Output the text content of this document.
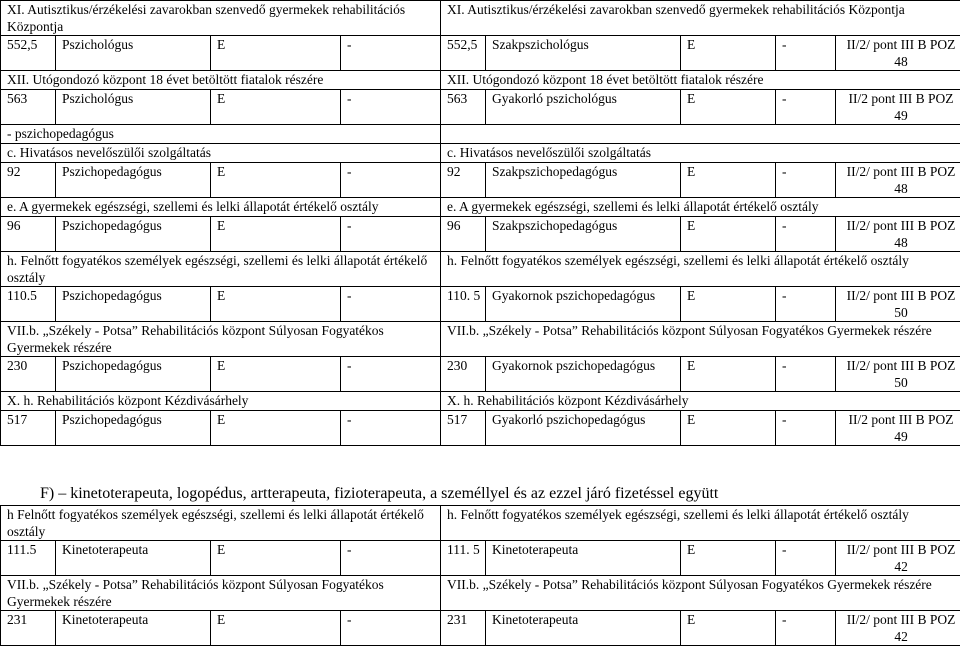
XI. Autisztikus/érzékelési zavarokban szenvedő gyermekek rehabilitációs Központja				XI. Autisztikus/érzékelési zavarokban szenvedő gyermekek rehabilitációs Központja				
552,5	Pszichológus	E	-	552,5	Szakpszichológus	E	-	II/2/ pont III B POZ 48
XII. Utógondozó központ 18 évet betöltött fiatalok részére				XII. Utógondozó központ 18 évet betöltött fiatalok részére				
563	Pszichológus	E	-	563	Gyakorló pszichológus	E	-	II/2 pont III B POZ 49
- pszichopedagógus								
c. Hivatásos nevelőszülői szolgáltatás				c. Hivatásos nevelőszülői szolgáltatás				
92	Pszichopedagógus	E	-	92	Szakpszichopedagógus	E	-	II/2/ pont III B POZ 48
e. A gyermekek egészségi, szellemi és lelki állapotát értékelő osztály				e. A gyermekek egészségi, szellemi és lelki állapotát értékelő osztály				
96	Pszichopedagógus	E	-	96	Szakpszichopedagógus	E	-	II/2/ pont III B POZ 48
h. Felnőtt fogyatékos személyek egészségi, szellemi és lelki állapotát értékelő osztály				h. Felnőtt fogyatékos személyek egészségi, szellemi és lelki állapotát értékelő osztály				
110.5	Pszichopedagógus	E	-	110. 5	Gyakornok pszichopedagógus	E	-	II/2/ pont III B POZ 50
VII.b. „Székely - Potsa” Rehabilitációs központ Súlyosan Fogyatékos Gyermekek részére				VII.b. „Székely - Potsa” Rehabilitációs központ Súlyosan Fogyatékos Gyermekek részére				
230	Pszichopedagógus	E	-	230	Gyakornok pszichopedagógus	E	-	II/2/ pont III B POZ 50
X. h. Rehabilitációs központ Kézdivásárhely				X. h. Rehabilitációs központ Kézdivásárhely				
517	Pszichopedagógus	E	-	517	Gyakorló pszichopedagógus	E	-	II/2 pont III B POZ 49
F) – kinetoterapeuta, logopédus, artterapeuta, fizioterapeuta, a személlyel és az ezzel járó fizetéssel együtt
h Felnőtt fogyatékos személyek egészségi, szellemi és lelki állapotát értékelő osztály				h. Felnőtt fogyatékos személyek egészségi, szellemi és lelki állapotát értékelő osztály				
111.5	Kinetoterapeuta	E	-	111. 5	Kinetoterapeuta	E	-	II/2/ pont III B POZ 42
VII.b. „Székely - Potsa” Rehabilitációs központ Súlyosan Fogyatékos Gyermekek részére				VII.b. „Székely - Potsa” Rehabilitációs központ Súlyosan Fogyatékos Gyermekek részére				
231	Kinetoterapeuta	E	-	231	Kinetoterapeuta	E	-	II/2/ pont III B POZ 42
